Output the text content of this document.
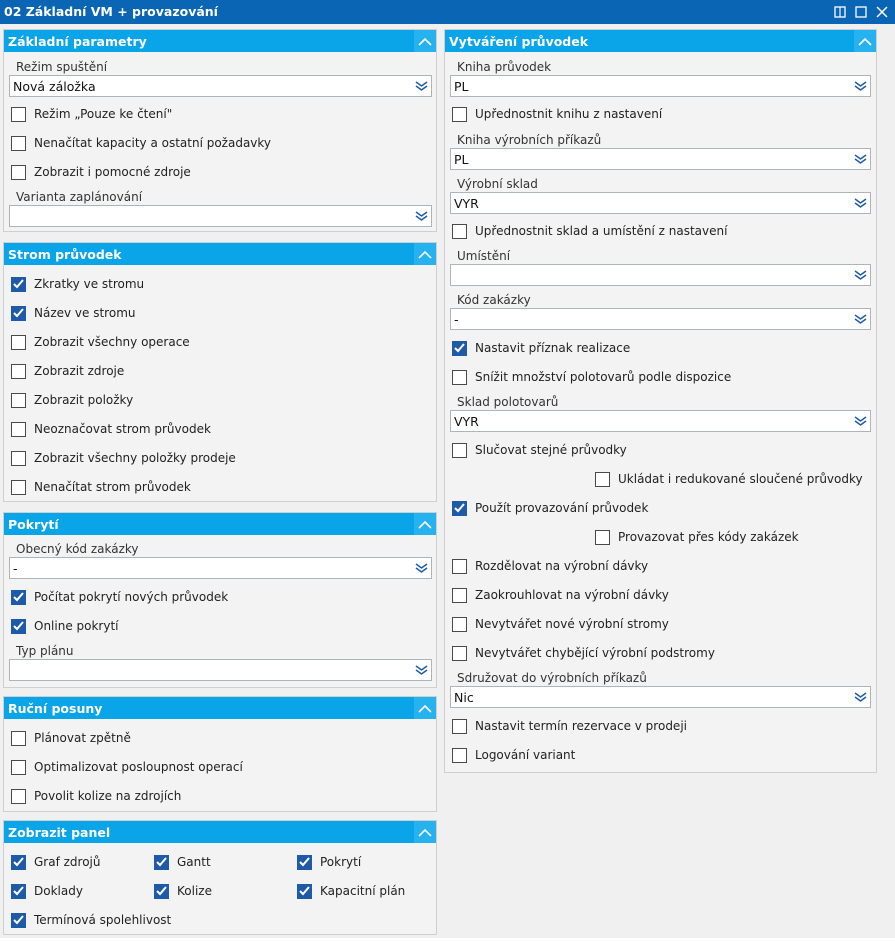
02 Základní VM + provazování
Základní parametry
Režim spuštění
Nová záložka
Režim „Pouze ke čtení"
Nenačítat kapacity a ostatní požadavky
Zobrazit i pomocné zdroje
Varianta zaplánování
Strom průvodek
Zkratky ve stromu
Název ve stromu
Zobrazit všechny operace
Zobrazit zdroje
Zobrazit položky
Neoznačovat strom průvodek
Zobrazit všechny položky prodeje
Nenačítat strom průvodek
Pokrytí
Obecný kód zakázky
-
Počítat pokrytí nových průvodek
Online pokrytí
Typ plánu
Ruční posuny
Plánovat zpětně
Optimalizovat posloupnost operací
Povolit kolize na zdrojích
Zobrazit panel
Graf zdrojů	Gantt	Pokrytí
Doklady	Kolize	Kapacitní plán
Termínová spolehlivost
Vytváření průvodek
Kniha průvodek
PL
Upřednostnit knihu z nastavení
Kniha výrobních příkazů
PL
Výrobní sklad
VYR
Upřednostnit sklad a umístění z nastavení
Umístění
Kód zakázky
-
Nastavit příznak realizace
Snížit množství polotovarů podle dispozice
Sklad polotovarů
VYR
Slučovat stejné průvodky
Ukládat i redukované sloučené průvodky
Použít provazování průvodek
Provazovat přes kódy zakázek
Rozdělovat na výrobní dávky
Zaokrouhlovat na výrobní dávky
Nevytvářet nové výrobní stromy
Nevytvářet chybějící výrobní podstromy
Sdružovat do výrobních příkazů
Nic
Nastavit termín rezervace v prodeji
Logování variant
